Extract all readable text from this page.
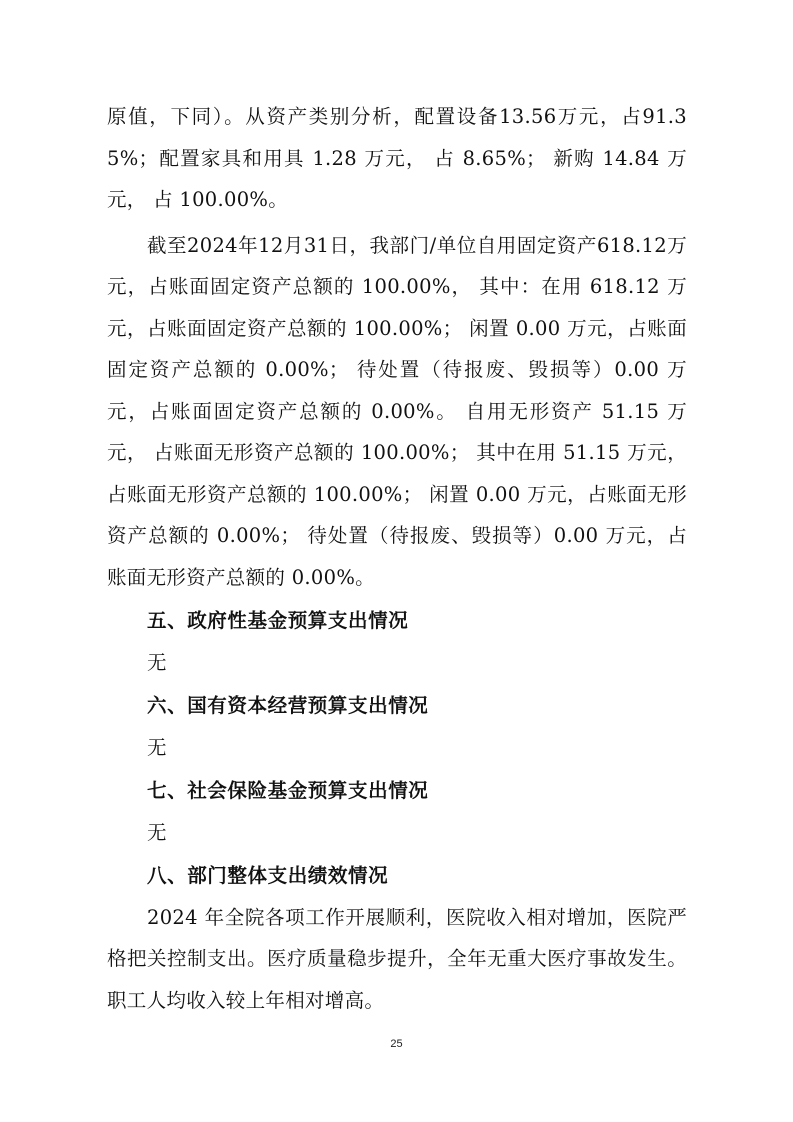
原值，下同）。从资产类别分析，配置设备13.56万元，占91.35%；配置家具和用具 1.28 万元， 占 8.65%； 新购 14.84 万元， 占 100.00%。

截至2024年12月31日，我部门/单位自用固定资产618.12万元，占账面固定资产总额的 100.00%， 其中：在用 618.12 万元，占账面固定资产总额的 100.00%； 闲置 0.00 万元，占账面固定资产总额的 0.00%； 待处置（待报废、毁损等）0.00 万元，占账面固定资产总额的 0.00%。 自用无形资产 51.15 万元， 占账面无形资产总额的 100.00%； 其中在用 51.15 万元， 占账面无形资产总额的 100.00%； 闲置 0.00 万元，占账面无形资产总额的 0.00%； 待处置（待报废、毁损等）0.00 万元，占账面无形资产总额的 0.00%。

五、政府性基金预算支出情况
无
六、国有资本经营预算支出情况
无
七、社会保险基金预算支出情况
无
八、部门整体支出绩效情况

2024 年全院各项工作开展顺利，医院收入相对增加，医院严格把关控制支出。医疗质量稳步提升，全年无重大医疗事故发生。职工人均收入较上年相对增高。

25
